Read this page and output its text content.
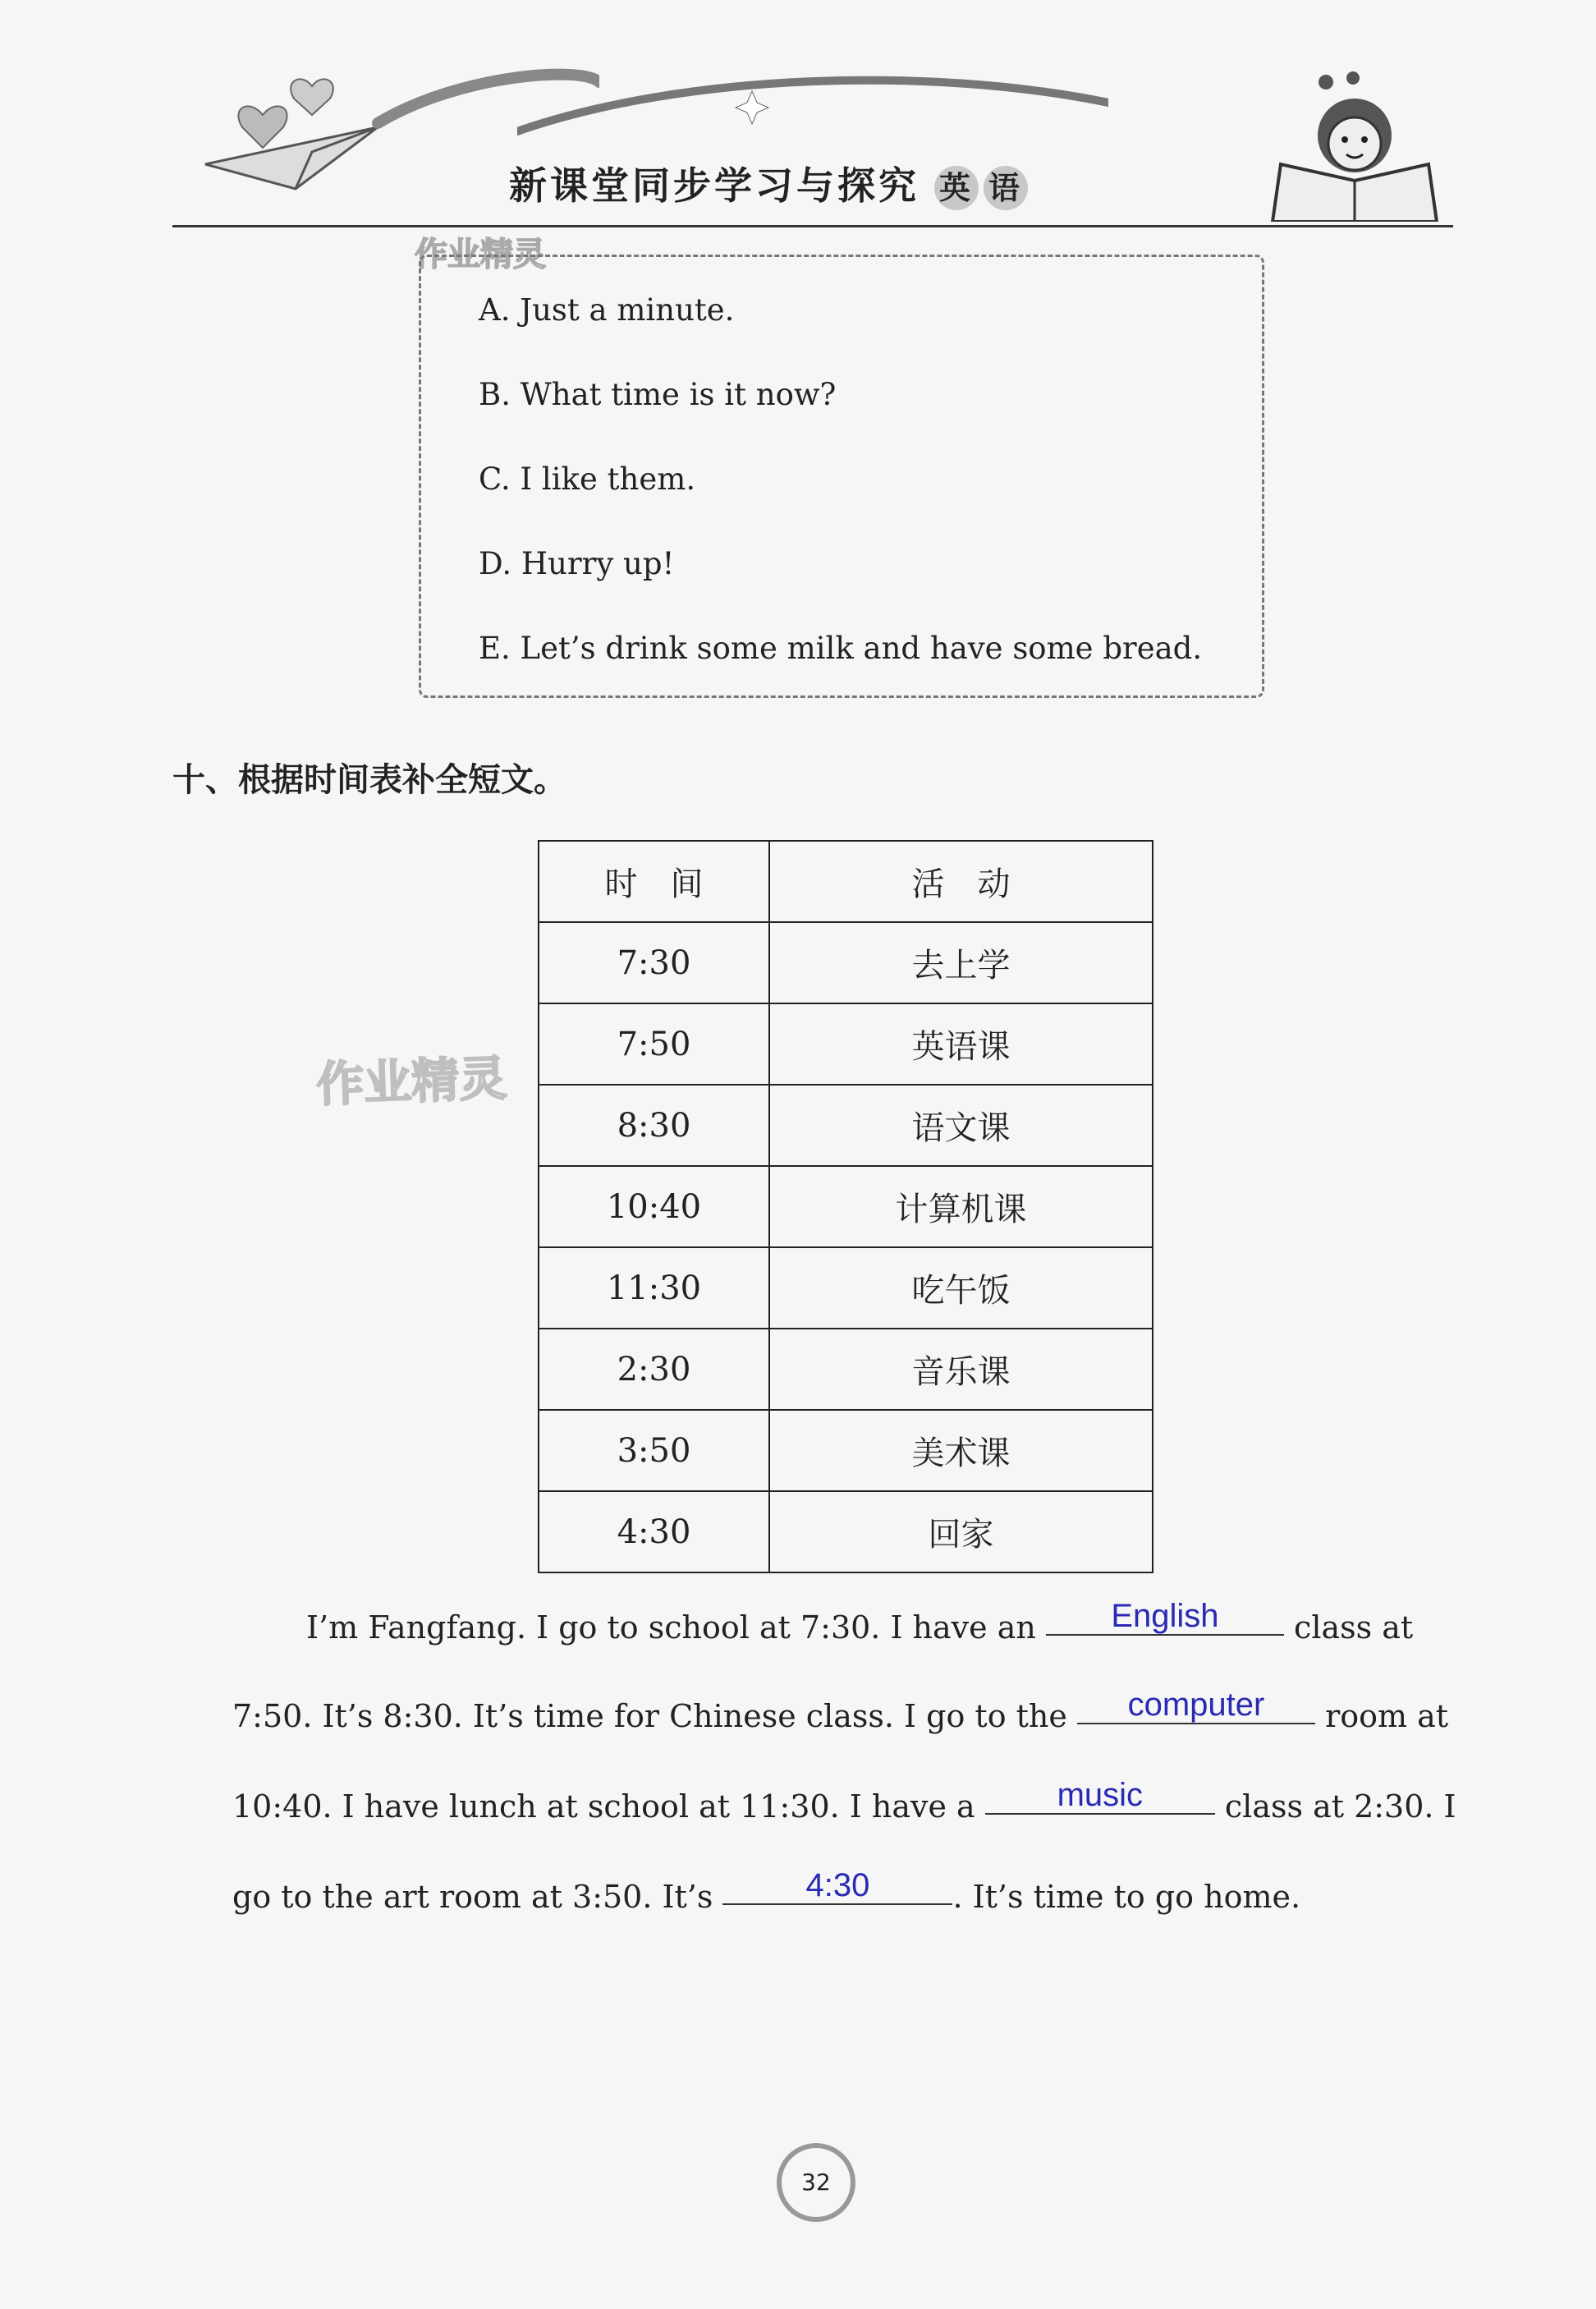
新课堂同步学习与探究 英 语
作业精灵
A. Just a minute.
B. What time is it now?
C. I like them.
D. Hurry up!
E. Let’s drink some milk and have some bread.
十、根据时间表补全短文。
作业精灵
时　间	活　动
7:30	去上学
7:50	英语课
8:30	语文课
10:40	计算机课
11:30	吃午饭
2:30	音乐课
3:50	美术课
4:30	回家
I’m Fangfang. I go to school at 7:30. I have an English class at
7:50. It’s 8:30. It’s time for Chinese class. I go to the computer room at
10:40. I have lunch at school at 11:30. I have a music	class at 2:30. I
go to the art room at 3:50. It’s	4:30	. It’s time to go home.
32
